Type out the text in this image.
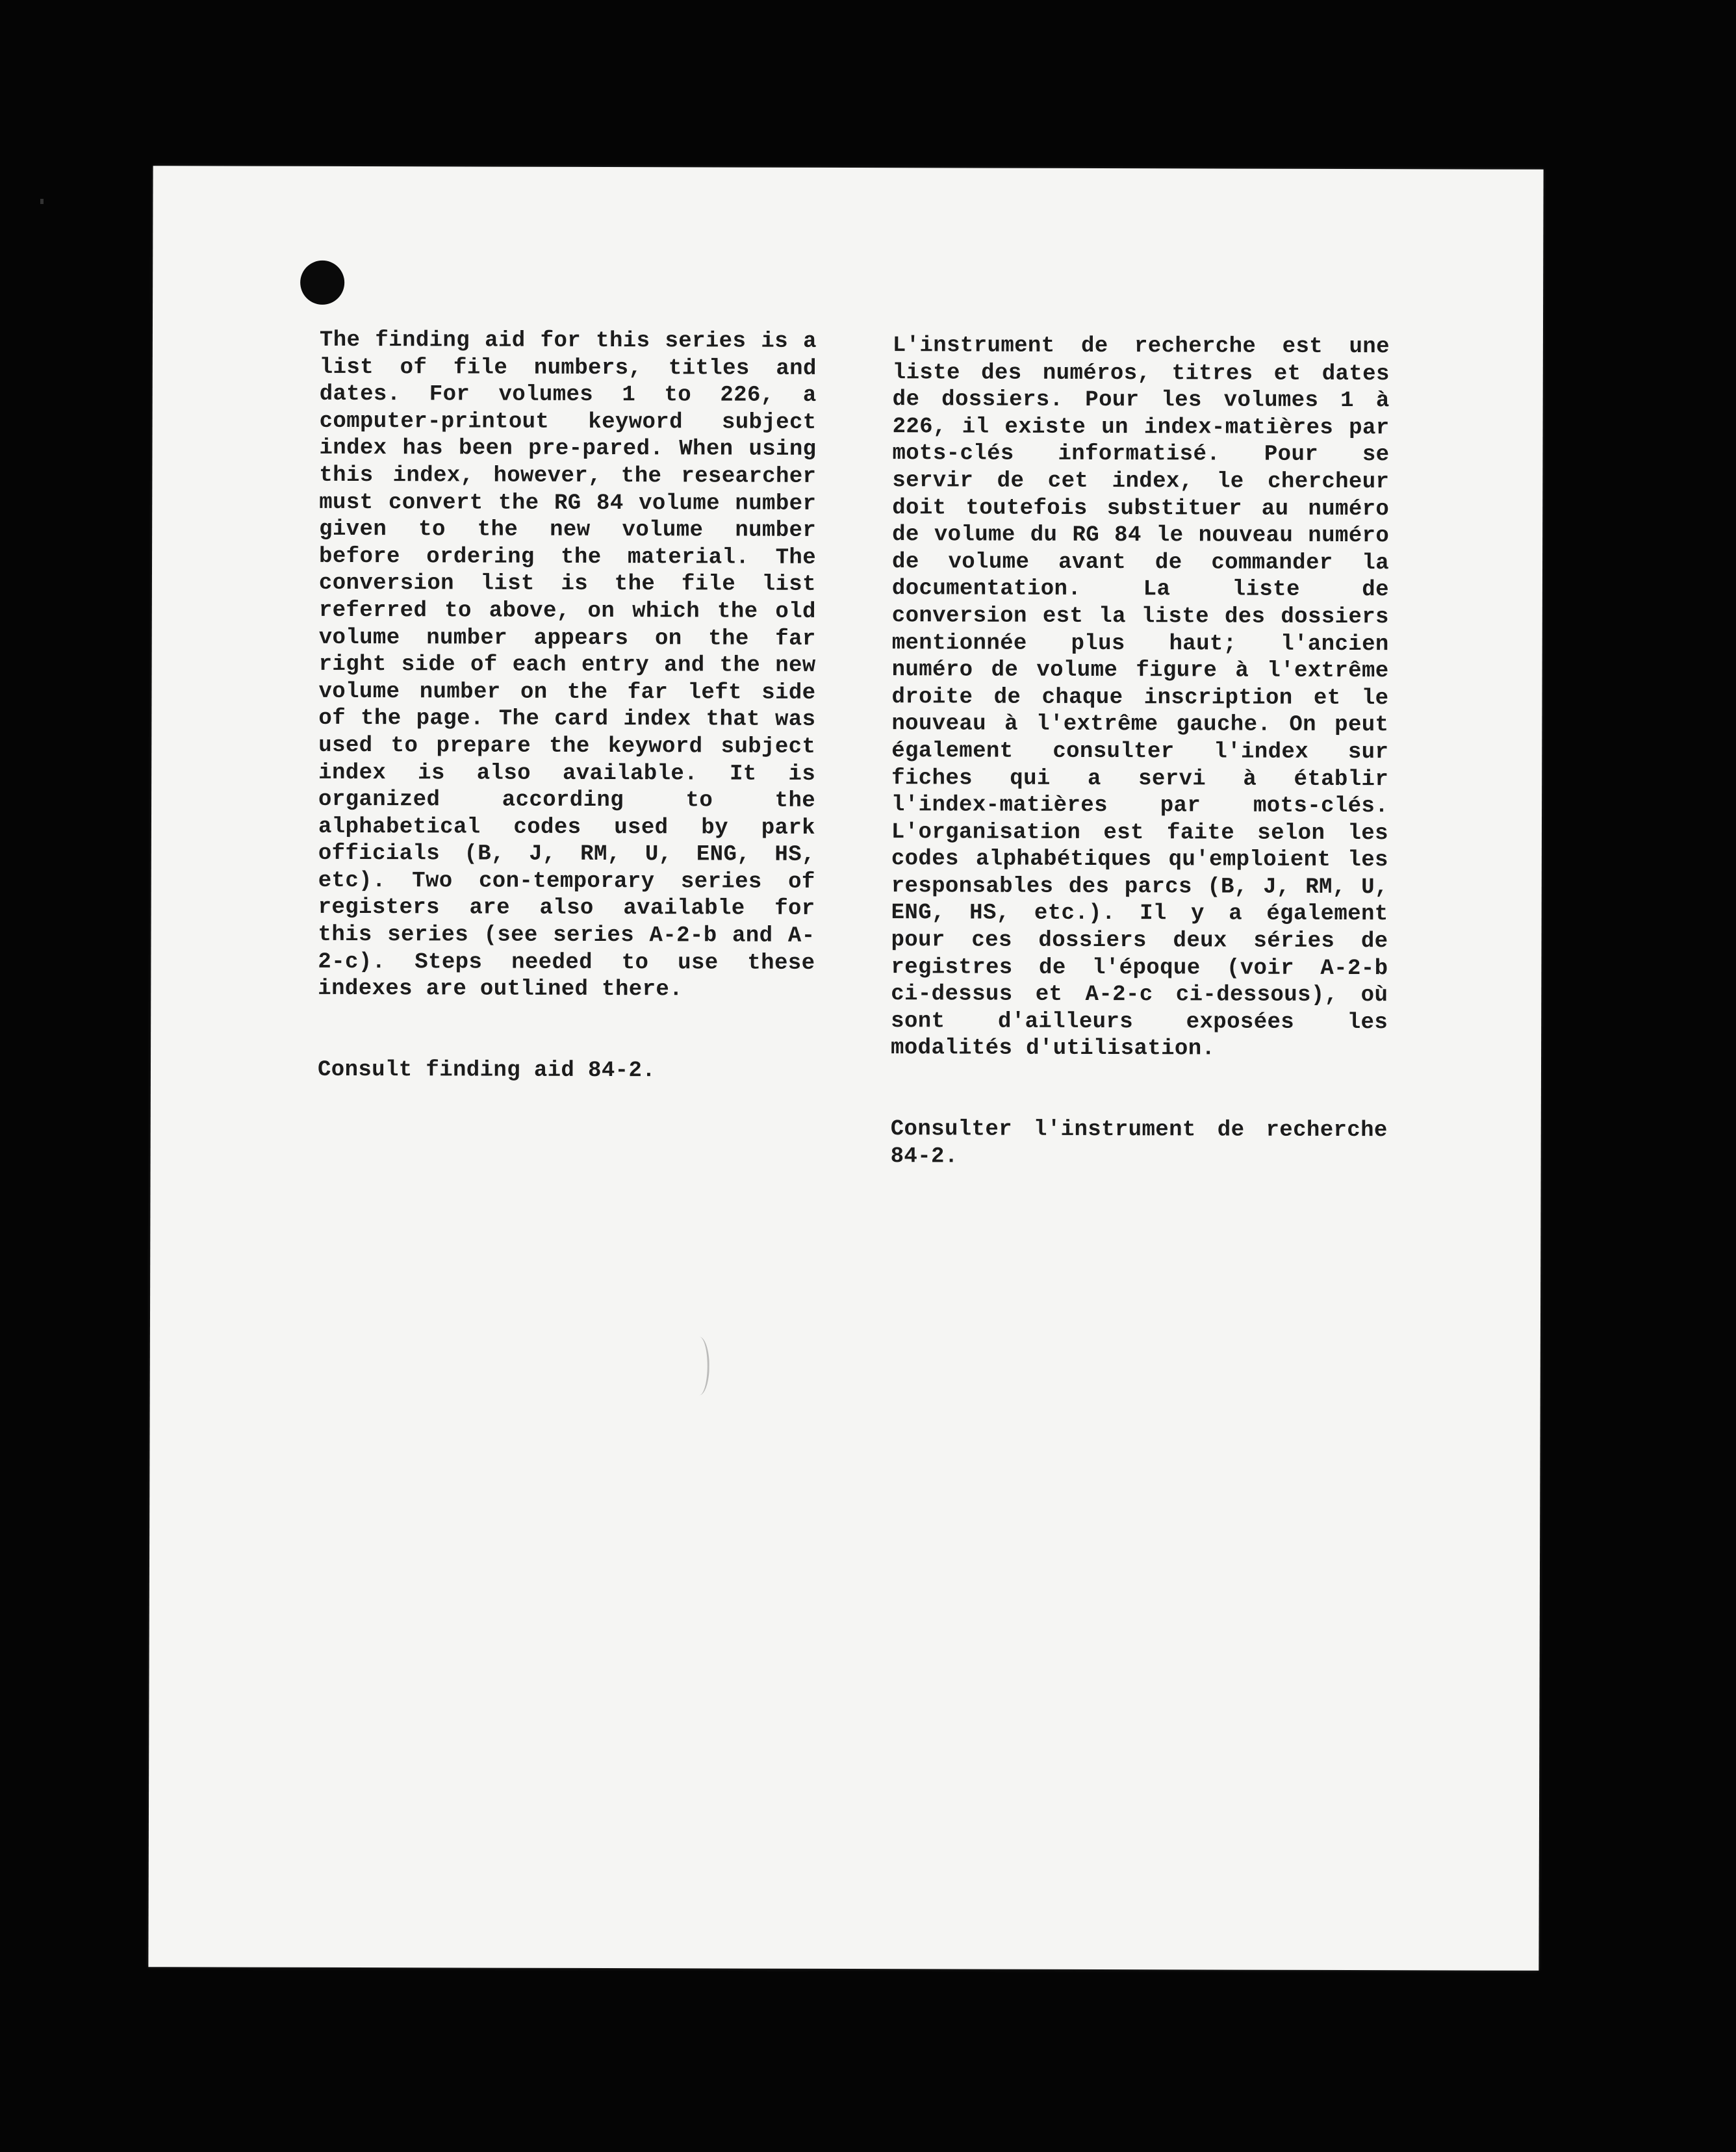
The finding aid for this series is a list of file numbers, titles and dates. For volumes 1 to 226, a computer-printout keyword subject index has been pre-pared. When using this index, however, the researcher must convert the RG 84 volume number given to the new volume number before ordering the material. The conversion list is the file list referred to above, on which the old volume number appears on the far right side of each entry and the new volume number on the far left side of the page. The card index that was used to prepare the keyword subject index is also available. It is organized according to the alphabetical codes used by park officials (B, J, RM, U, ENG, HS, etc). Two con-temporary series of registers are also available for this series (see series A-2-b and A-2-c). Steps needed to use these indexes are outlined there.

Consult finding aid 84-2.

L'instrument de recherche est une liste des numéros, titres et dates de dossiers. Pour les volumes 1 à 226, il existe un index-matières par mots-clés informatisé. Pour se servir de cet index, le chercheur doit toutefois substituer au numéro de volume du RG 84 le nouveau numéro de volume avant de commander la documentation. La liste de conversion est la liste des dossiers mentionnée plus haut; l'ancien numéro de volume figure à l'extrême droite de chaque inscription et le nouveau à l'extrême gauche. On peut également consulter l'index sur fiches qui a servi à établir l'index-matières par mots-clés. L'organisation est faite selon les codes alphabétiques qu'emploient les responsables des parcs (B, J, RM, U, ENG, HS, etc.). Il y a également pour ces dossiers deux séries de registres de l'époque (voir A-2-b ci-dessus et A-2-c ci-dessous), où sont d'ailleurs exposées les modalités d'utilisation.

Consulter l'instrument de recherche 84-2.
